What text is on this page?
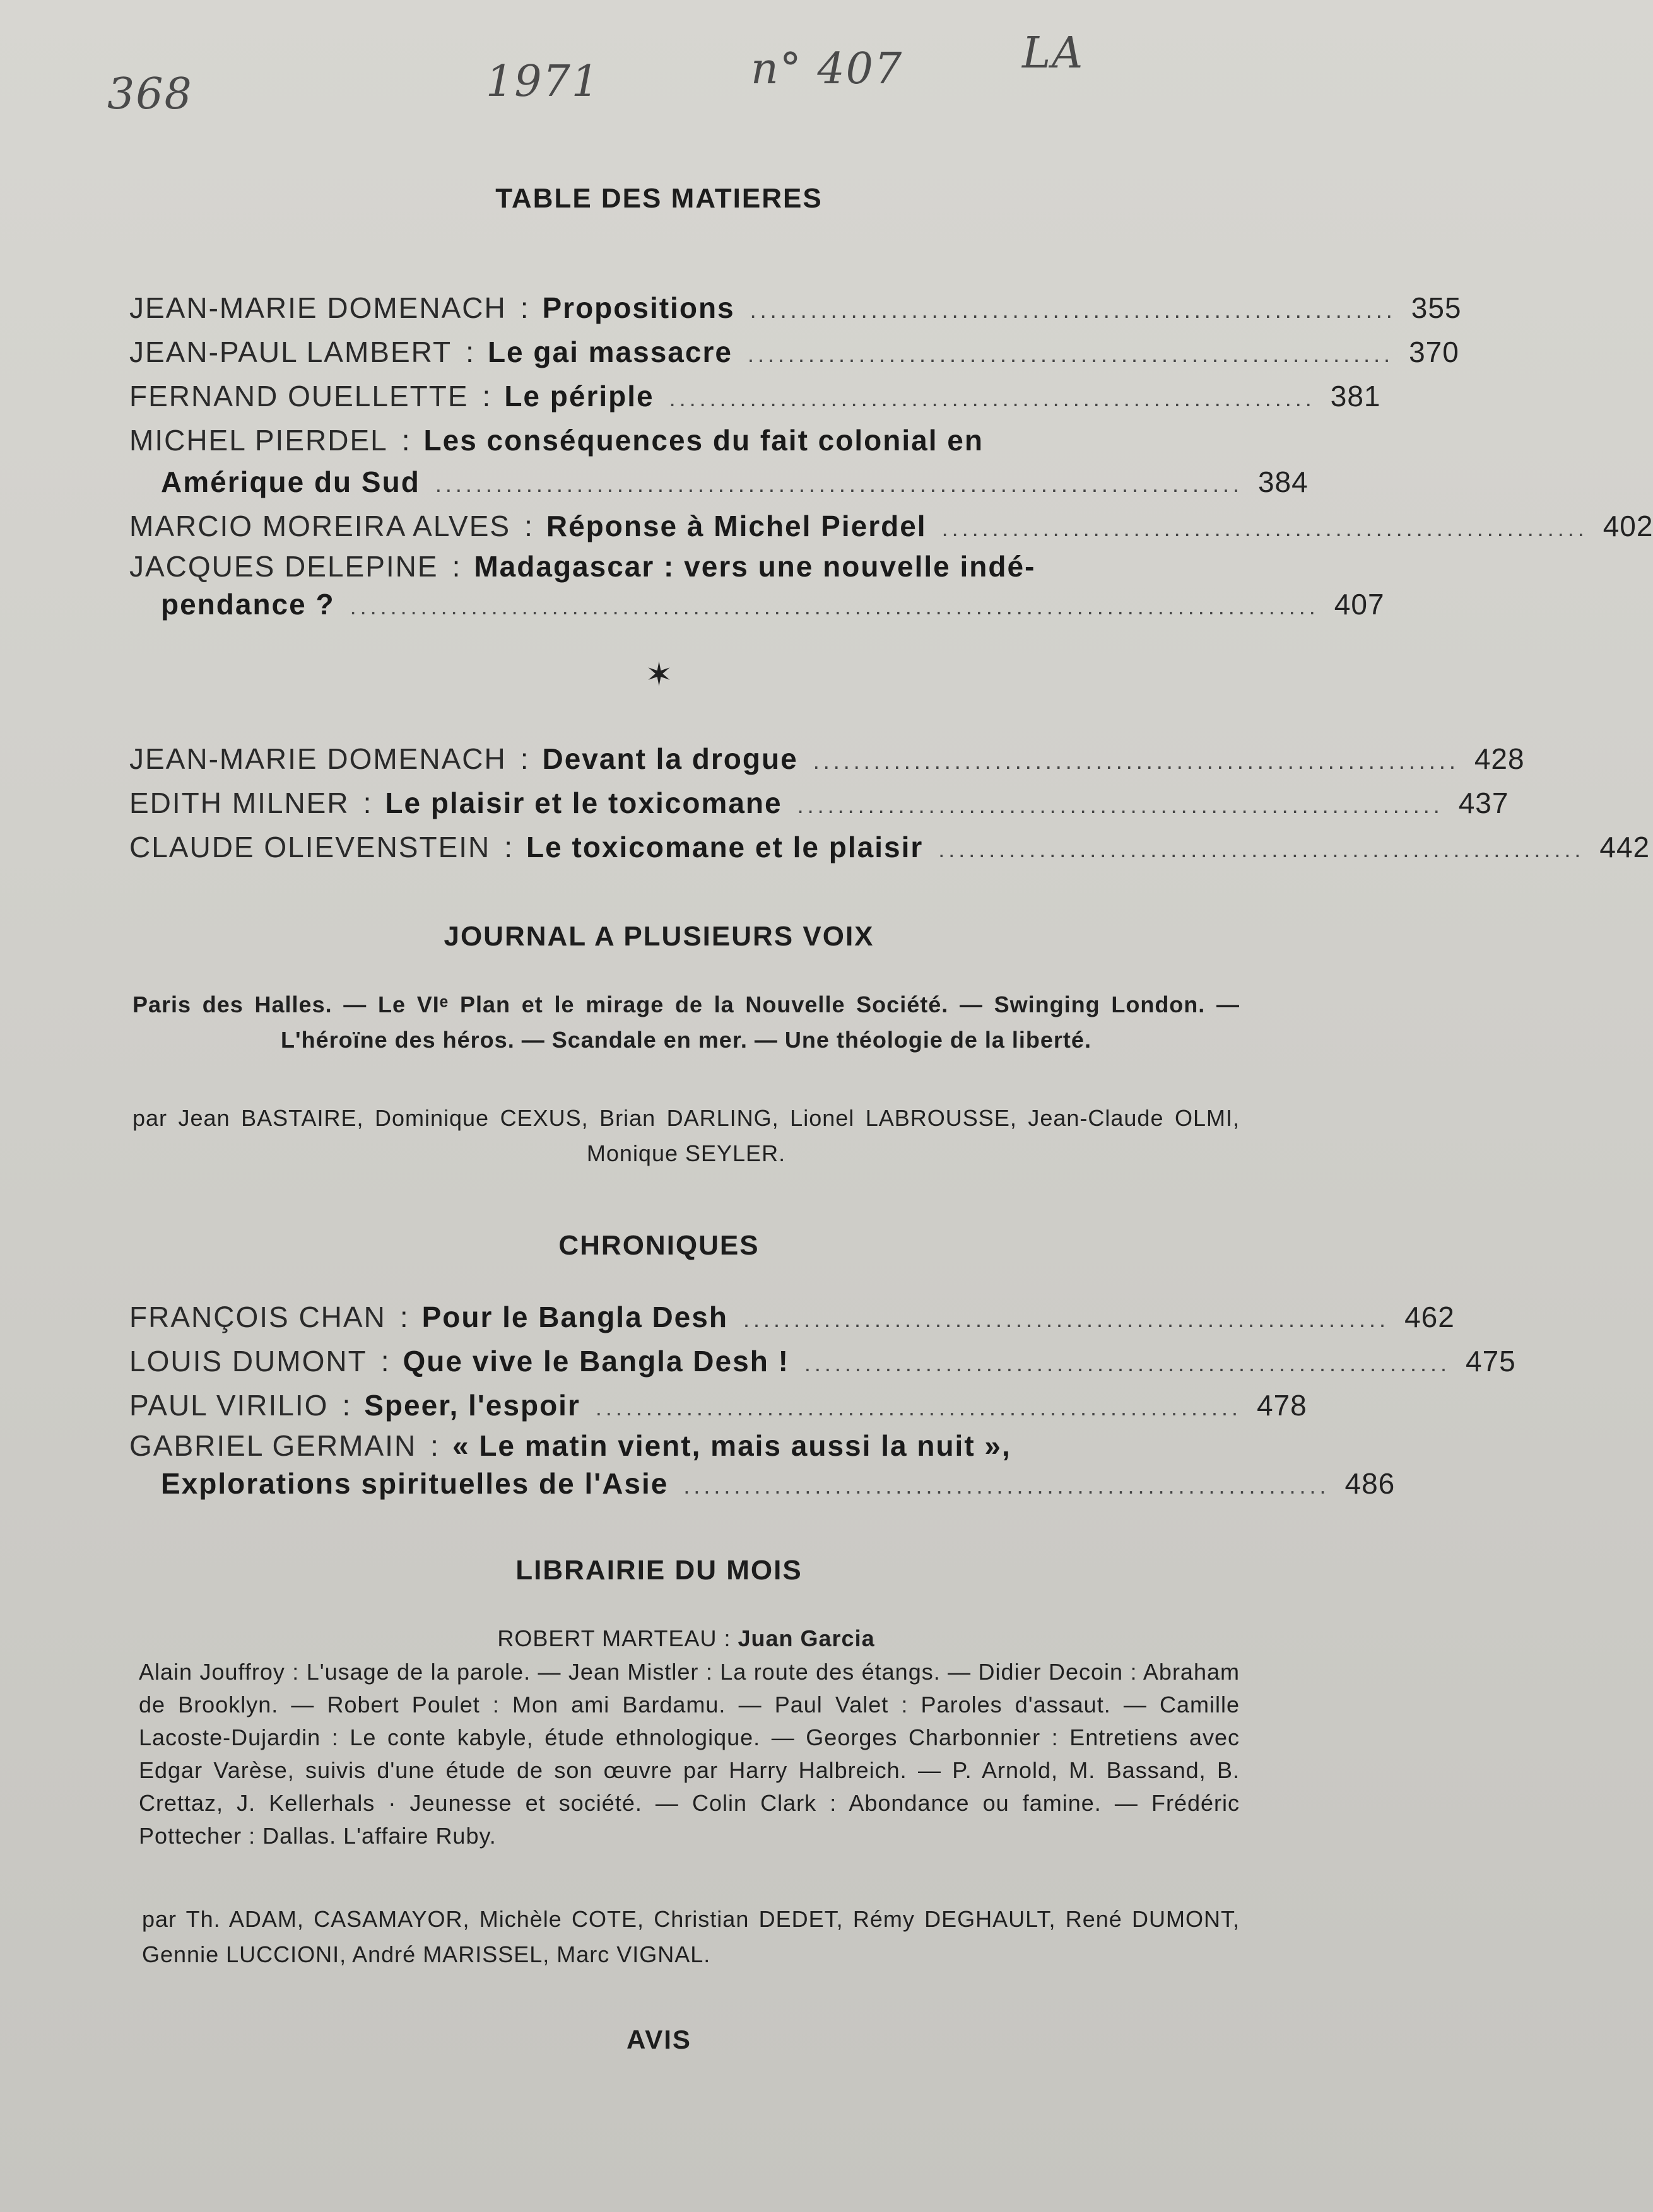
368	1971	n° 407	LA
TABLE DES MATIERES
JEAN-MARIE DOMENACH : Propositions ................................................................ 355
JEAN-PAUL LAMBERT : Le gai massacre ................................................................ 370
FERNAND OUELLETTE : Le périple ................................................................ 381
MICHEL PIERDEL : Les conséquences du fait colonial en
Amérique du Sud ................................................................................ 384
MARCIO MOREIRA ALVES : Réponse à Michel Pierdel ................................................................ 402
JACQUES DELEPINE : Madagascar : vers une nouvelle indé-
pendance ? ................................................................................................ 407
✶
JEAN-MARIE DOMENACH : Devant la drogue ................................................................ 428
EDITH MILNER : Le plaisir et le toxicomane ................................................................ 437
CLAUDE OLIEVENSTEIN : Le toxicomane et le plaisir ................................................................ 442
JOURNAL A PLUSIEURS VOIX
Paris des Halles. — Le VIᵉ Plan et le mirage de la Nouvelle Société. — Swinging London. — L'héroïne des héros. — Scandale en mer. — Une théologie de la liberté.
par Jean BASTAIRE, Dominique CEXUS, Brian DARLING, Lionel LABROUSSE, Jean-Claude OLMI, Monique SEYLER.
CHRONIQUES
FRANÇOIS CHAN : Pour le Bangla Desh ................................................................ 462
LOUIS DUMONT : Que vive le Bangla Desh ! ................................................................ 475
PAUL VIRILIO : Speer, l'espoir ................................................................ 478
GABRIEL GERMAIN : « Le matin vient, mais aussi la nuit »,
Explorations spirituelles de l'Asie ................................................................ 486
LIBRAIRIE DU MOIS
ROBERT MARTEAU : Juan Garcia
Alain Jouffroy : L'usage de la parole. — Jean Mistler : La route des étangs. — Didier Decoin : Abraham de Brooklyn. — Robert Poulet : Mon ami Bardamu. — Paul Valet : Paroles d'assaut. — Camille Lacoste-Dujardin : Le conte kabyle, étude ethnologique. — Georges Charbonnier : Entretiens avec Edgar Varèse, suivis d'une étude de son œuvre par Harry Halbreich. — P. Arnold, M. Bassand, B. Crettaz, J. Kellerhals · Jeunesse et société. — Colin Clark : Abondance ou famine. — Frédéric Pottecher : Dallas. L'affaire Ruby.
par Th. ADAM, CASAMAYOR, Michèle COTE, Christian DEDET, Rémy DEGHAULT, René DUMONT, Gennie LUCCIONI, André MARISSEL, Marc VIGNAL.
AVIS
